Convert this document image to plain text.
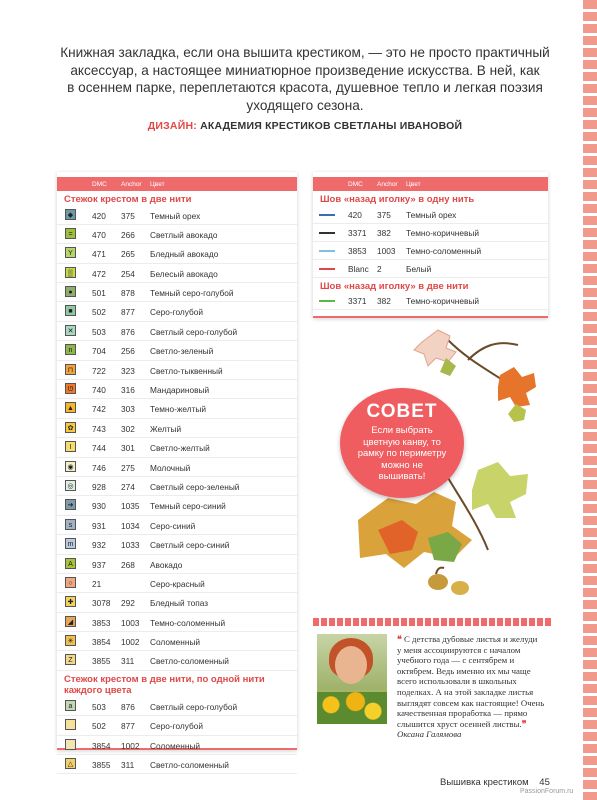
Книжная закладка, если она вышита крестиком, — это не просто практичный
аксессуар, а настоящее миниатюрное произведение искусства. В ней, как
в осеннем парке, переплетаются красота, душевное тепло и легкая поэзия
уходящего сезона.
ДИЗАЙН: АКАДЕМИЯ КРЕСТИКОВ СВЕТЛАНЫ ИВАНОВОЙ
DMC Anchor Цвет
Стежок крестом в две нити
◆	420 375 Темный орех
=	470 266 Светлый авокадо
Y	471 265 Бледный авокадо
▒	472 254 Белесый авокадо
●	501 878 Темный серо-голубой
■	502 877 Серо-голубой
✕	503 876 Светлый серо-голубой
n	704 256 Светло-зеленый
⊓	722 323 Светло-тыквенный
ᘎ	740 316 Мандариновый
▲ 742 303 Темно-желтый
✿	743 302 Желтый
I	744 301 Светло-желтый
◉ 746 275 Молочный
◎ 928 274 Светлый серо-зеленый
➜	930 1035 Темный серо-синий
s	931 1034 Серо-синий
m	932 1033 Светлый серо-синий
A	937 268 Авокадо
○	21	Серо-красный
✚	3078 292 Бледный топаз
◢	3853 1003 Темно-соломенный
✳	3854 1002 Соломенный
Z	3855 311 Светло-соломенный
Стежок крестом в две нити, по одной нити каждого цвета
a	503 876 Светлый серо-голубой
502 877 Серо-голубой
3854 1002 Соломенный
△	3855 311 Светло-соломенный
DMC Anchor Цвет
Шов «назад иголку» в одну нить
420 375 Темный орех
3371 382 Темно-коричневый
3853 1003 Темно-соломенный
Blanc 2	Белый
Шов «назад иголку» в две нити
3371 382 Темно-коричневый
СОВЕТ
Если выбрать
цветную канву, то
рамку по периметру
можно не
вышивать!
❝ С детства дубовые листья и желуди
у меня ассоциируются с началом
учебного года — с сентябрем и
октябрем. Ведь именно их мы чаще
всего использовали в школьных
поделках. А на этой закладке листья
выглядят совсем как настоящие! Очень
качественная проработка — прямо
слышится хруст осенней листвы.❞
Оксана Галямова
Вышивка крестиком 45
PassionForum.ru
